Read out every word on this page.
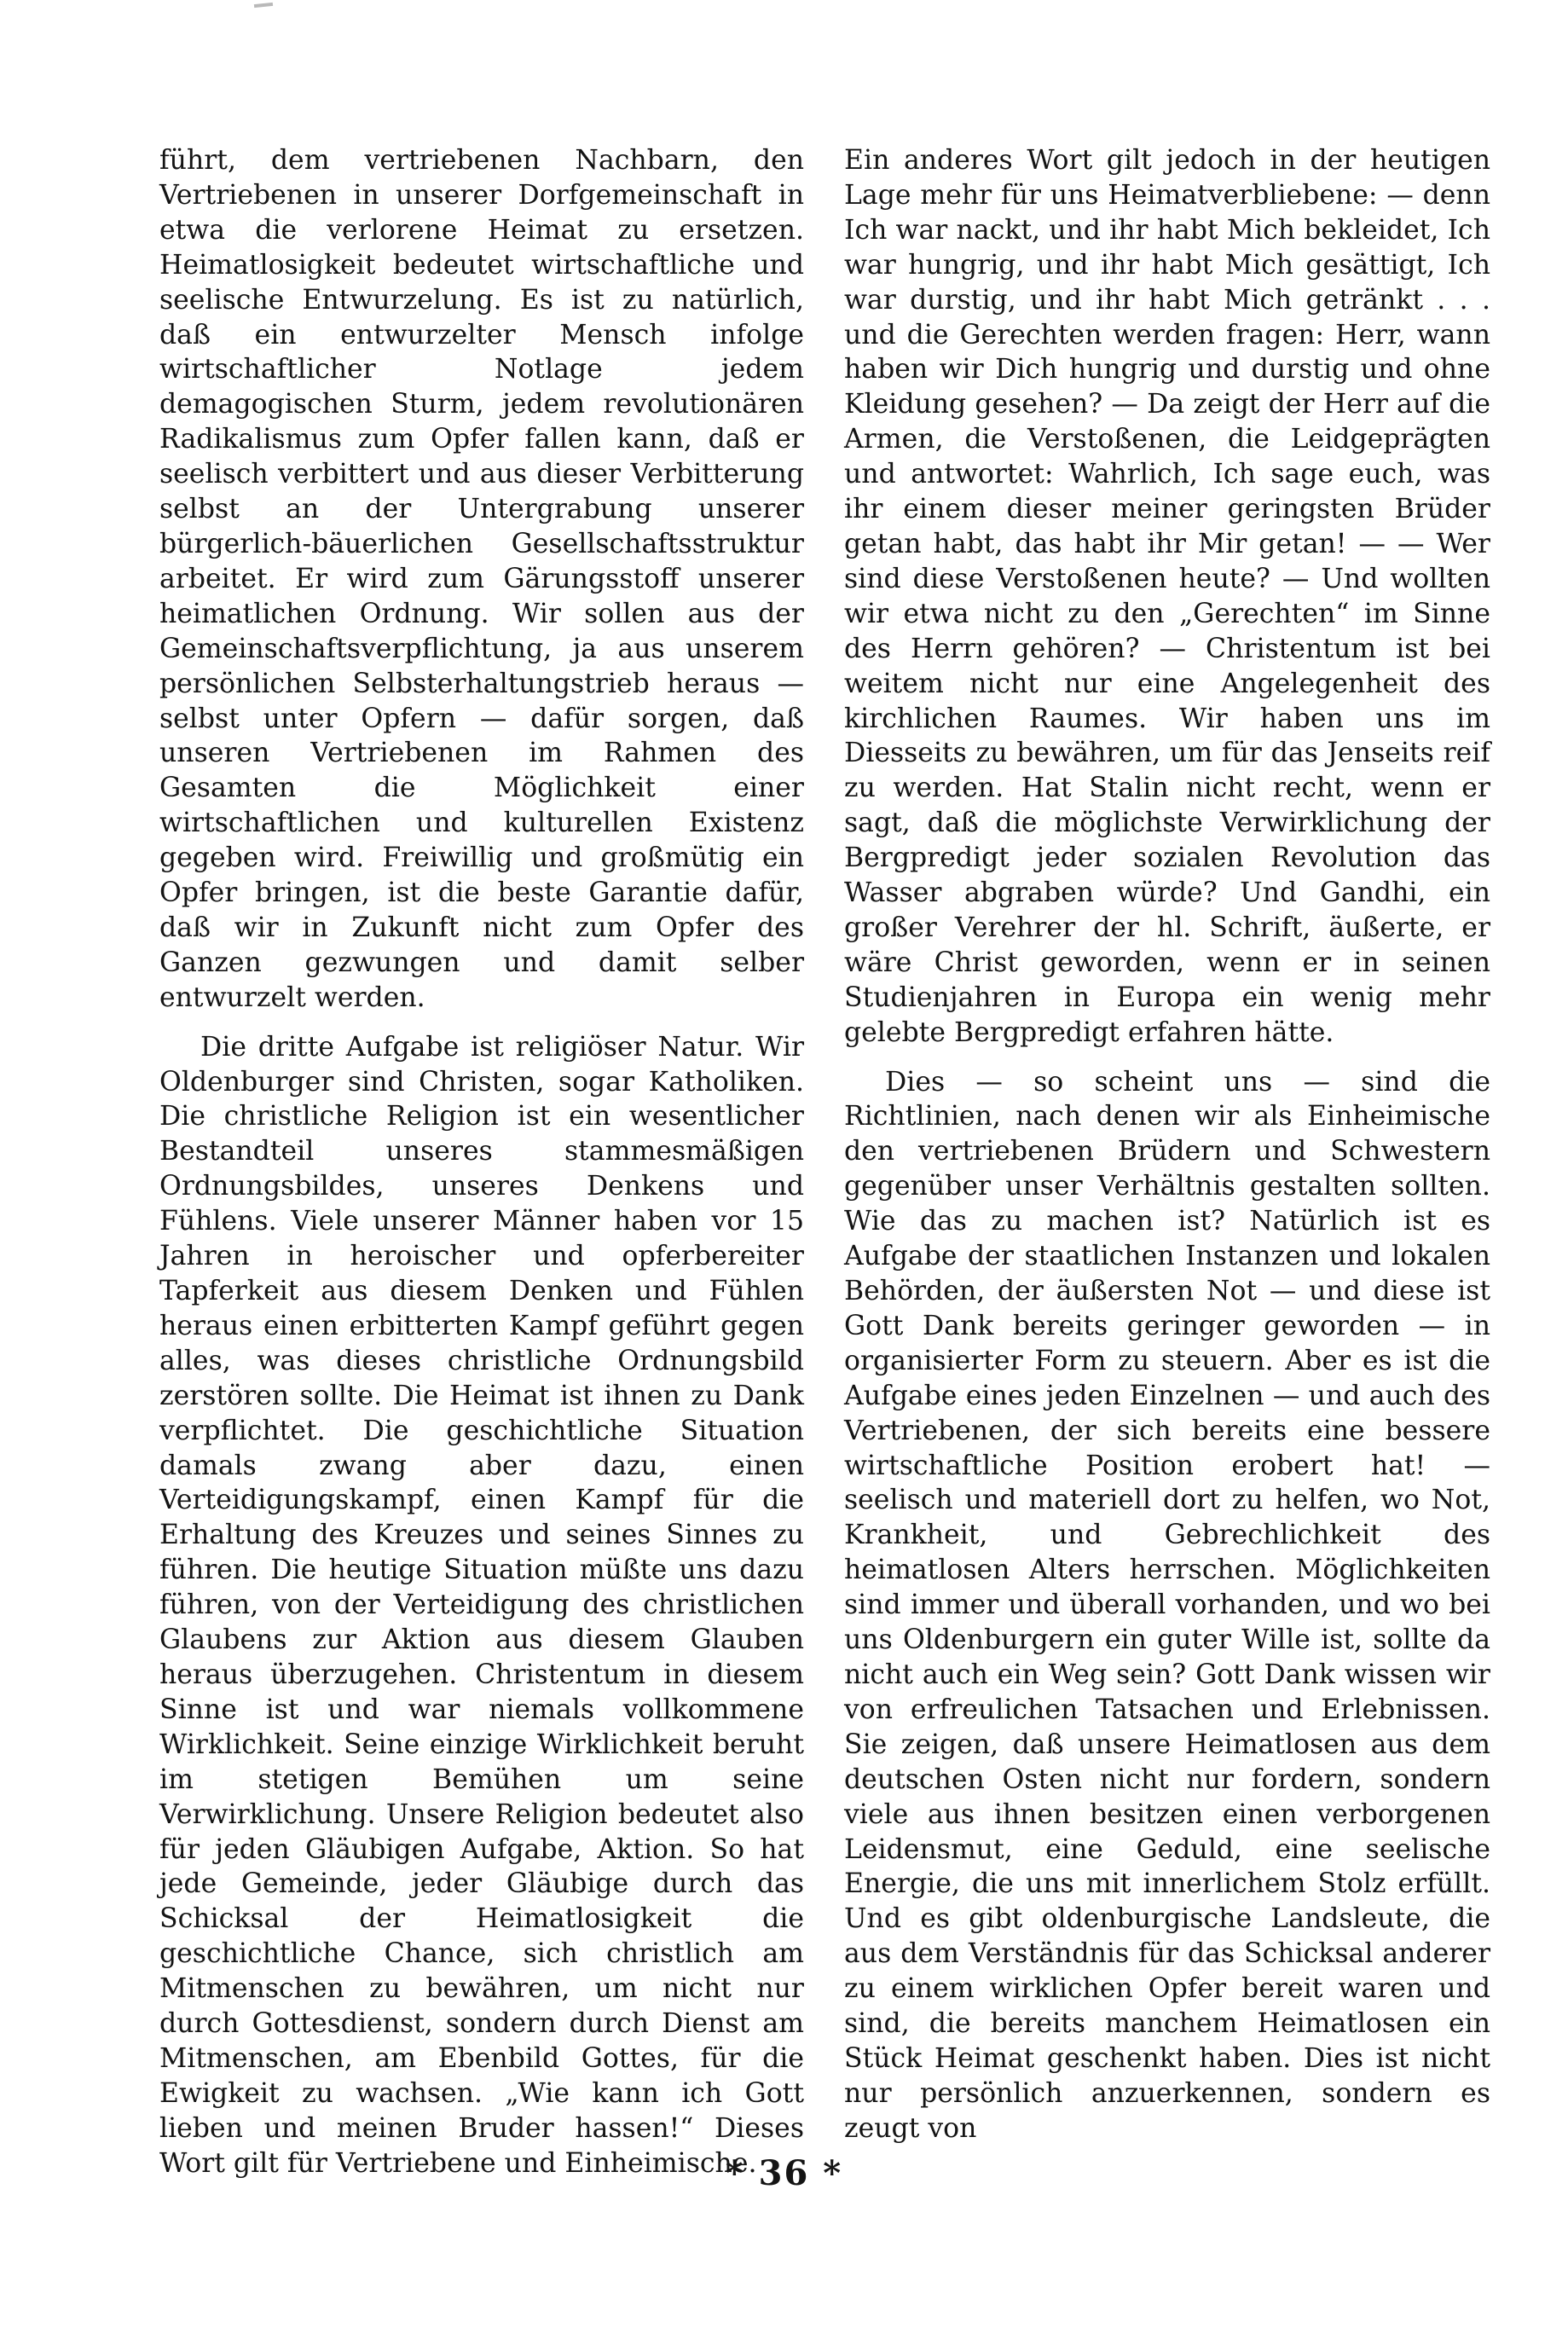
führt, dem vertriebenen Nachbarn, den Vertriebenen in unserer Dorfgemeinschaft in etwa die verlorene Heimat zu ersetzen. Heimatlosigkeit bedeutet wirtschaftliche und seelische Entwurzelung. Es ist zu natürlich, daß ein entwurzelter Mensch infolge wirtschaftlicher Notlage jedem demagogischen Sturm, jedem revolutionären Radikalismus zum Opfer fallen kann, daß er seelisch verbittert und aus dieser Verbitterung selbst an der Untergrabung unserer bürgerlich-bäuerlichen Gesellschaftsstruktur arbeitet. Er wird zum Gärungsstoff unserer heimatlichen Ordnung. Wir sollen aus der Gemeinschaftsverpflichtung, ja aus unserem persönlichen Selbsterhaltungstrieb heraus — selbst unter Opfern — dafür sorgen, daß unseren Vertriebenen im Rahmen des Gesamten die Möglichkeit einer wirtschaftlichen und kulturellen Existenz gegeben wird. Freiwillig und großmütig ein Opfer bringen, ist die beste Garantie dafür, daß wir in Zukunft nicht zum Opfer des Ganzen gezwungen und damit selber entwurzelt werden.

Die dritte Aufgabe ist religiöser Natur. Wir Oldenburger sind Christen, sogar Katholiken. Die christliche Religion ist ein wesentlicher Bestandteil unseres stammesmäßigen Ordnungsbildes, unseres Denkens und Fühlens. Viele unserer Männer haben vor 15 Jahren in heroischer und opferbereiter Tapferkeit aus diesem Denken und Fühlen heraus einen erbitterten Kampf geführt gegen alles, was dieses christliche Ordnungsbild zerstören sollte. Die Heimat ist ihnen zu Dank verpflichtet. Die geschichtliche Situation damals zwang aber dazu, einen Verteidigungskampf, einen Kampf für die Erhaltung des Kreuzes und seines Sinnes zu führen. Die heutige Situation müßte uns dazu führen, von der Verteidigung des christlichen Glaubens zur Aktion aus diesem Glauben heraus überzugehen. Christentum in diesem Sinne ist und war niemals vollkommene Wirklichkeit. Seine einzige Wirklichkeit beruht im stetigen Bemühen um seine Verwirklichung. Unsere Religion bedeutet also für jeden Gläubigen Aufgabe, Aktion. So hat jede Gemeinde, jeder Gläubige durch das Schicksal der Heimatlosigkeit die geschichtliche Chance, sich christlich am Mitmenschen zu bewähren, um nicht nur durch Gottesdienst, sondern durch Dienst am Mitmenschen, am Ebenbild Gottes, für die Ewigkeit zu wachsen. „Wie kann ich Gott lieben und meinen Bruder hassen!“ Dieses Wort gilt für Vertriebene und Einheimische.

Ein anderes Wort gilt jedoch in der heutigen Lage mehr für uns Heimatverbliebene: — denn Ich war nackt, und ihr habt Mich bekleidet, Ich war hungrig, und ihr habt Mich gesättigt, Ich war durstig, und ihr habt Mich getränkt . . . und die Gerechten werden fragen: Herr, wann haben wir Dich hungrig und durstig und ohne Kleidung gesehen? — Da zeigt der Herr auf die Armen, die Verstoßenen, die Leidgeprägten und antwortet: Wahrlich, Ich sage euch, was ihr einem dieser meiner geringsten Brüder getan habt, das habt ihr Mir getan! — — Wer sind diese Verstoßenen heute? — Und wollten wir etwa nicht zu den „Gerechten“ im Sinne des Herrn gehören? — Christentum ist bei weitem nicht nur eine Angelegenheit des kirchlichen Raumes. Wir haben uns im Diesseits zu bewähren, um für das Jenseits reif zu werden. Hat Stalin nicht recht, wenn er sagt, daß die möglichste Verwirklichung der Bergpredigt jeder sozialen Revolution das Wasser abgraben würde? Und Gandhi, ein großer Verehrer der hl. Schrift, äußerte, er wäre Christ geworden, wenn er in seinen Studienjahren in Europa ein wenig mehr gelebte Bergpredigt erfahren hätte.

Dies — so scheint uns — sind die Richtlinien, nach denen wir als Einheimische den vertriebenen Brüdern und Schwestern gegenüber unser Verhältnis gestalten sollten. Wie das zu machen ist? Natürlich ist es Aufgabe der staatlichen Instanzen und lokalen Behörden, der äußersten Not — und diese ist Gott Dank bereits geringer geworden — in organisierter Form zu steuern. Aber es ist die Aufgabe eines jeden Einzelnen — und auch des Vertriebenen, der sich bereits eine bessere wirtschaftliche Position erobert hat! — seelisch und materiell dort zu helfen, wo Not, Krankheit, und Gebrechlichkeit des heimatlosen Alters herrschen. Möglichkeiten sind immer und überall vorhanden, und wo bei uns Oldenburgern ein guter Wille ist, sollte da nicht auch ein Weg sein? Gott Dank wissen wir von erfreulichen Tatsachen und Erlebnissen. Sie zeigen, daß unsere Heimatlosen aus dem deutschen Osten nicht nur fordern, sondern viele aus ihnen besitzen einen verborgenen Leidensmut, eine Geduld, eine seelische Energie, die uns mit innerlichem Stolz erfüllt. Und es gibt oldenburgische Landsleute, die aus dem Verständnis für das Schicksal anderer zu einem wirklichen Opfer bereit waren und sind, die bereits manchem Heimatlosen ein Stück Heimat geschenkt haben. Dies ist nicht nur persönlich anzuerkennen, sondern es zeugt von

* 36 *
